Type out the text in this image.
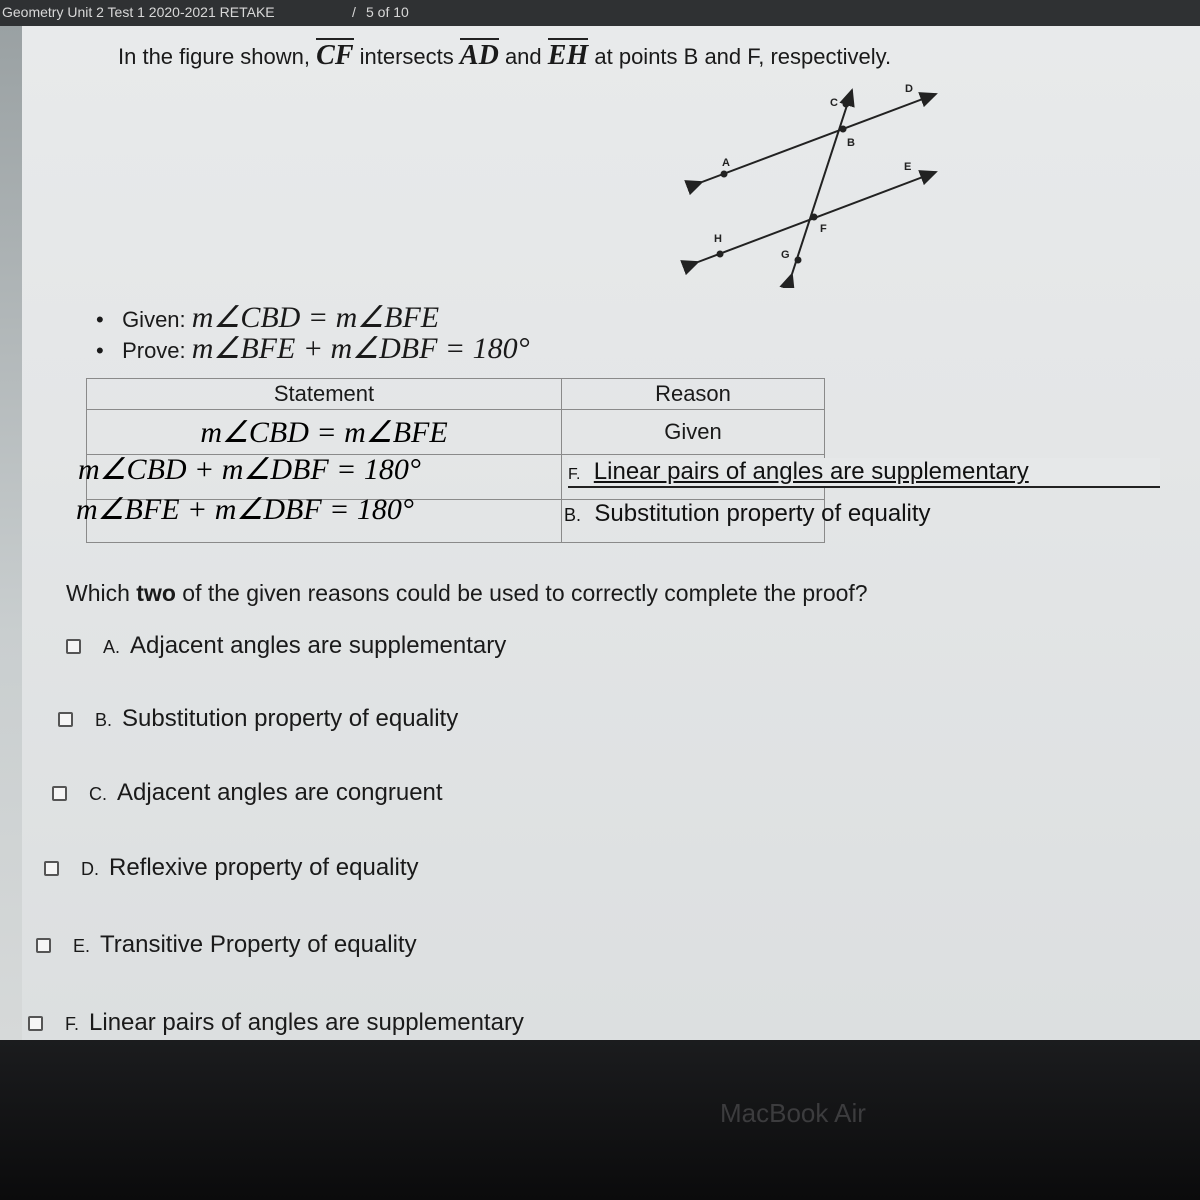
Geometry Unit 2 Test 1 2020-2021 RETAKE	/ 5 of 10
In the figure shown, CF intersects AD and EH at points B and F, respectively.
C
D
B
A	E
H
F
G
•   Given: m∠CBD = m∠BFE
•   Prove: m∠BFE + m∠DBF = 180°
Statement	Reason
m∠CBD = m∠BFE	Given

m∠CBD + m∠DBF = 180°	F. Linear pairs of angles are supplementary
m∠BFE + m∠DBF = 180°	B. Substitution property of equality
Which two of the given reasons could be used to correctly complete the proof?
A. Adjacent angles are supplementary
B. Substitution property of equality
C. Adjacent angles are congruent
D. Reflexive property of equality
E. Transitive Property of equality
F. Linear pairs of angles are supplementary
MacBook Air
